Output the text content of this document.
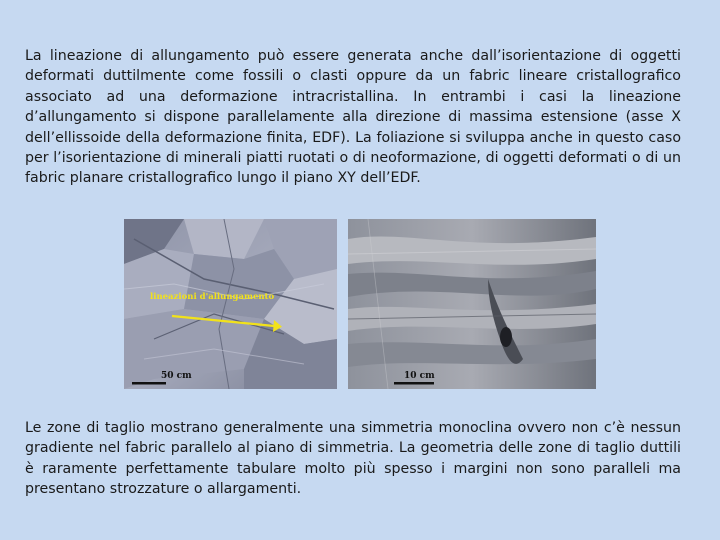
La lineazione di allungamento può essere generata anche dall’isorientazione di oggetti deformati duttilmente come fossili o clasti oppure da un fabric lineare cristallografico associato ad una deformazione intracristallina. In entrambi i casi la lineazione d’allungamento si dispone parallelamente alla direzione di massima estensione (asse X dell’ellissoide della deformazione finita, EDF). La foliazione si sviluppa anche in questo caso per l’isorientazione di minerali piatti ruotati o di neoformazione, di oggetti deformati o di un fabric planare cristallografico lungo il piano XY dell’EDF.

lineazioni d'allungamento
50 cm	10 cm

Le zone di taglio mostrano generalmente una simmetria monoclina ovvero non c’è nessun gradiente nel fabric parallelo al piano di simmetria. La geometria delle zone di taglio duttili è raramente perfettamente tabulare molto più spesso i margini non sono paralleli ma presentano strozzature o allargamenti.
